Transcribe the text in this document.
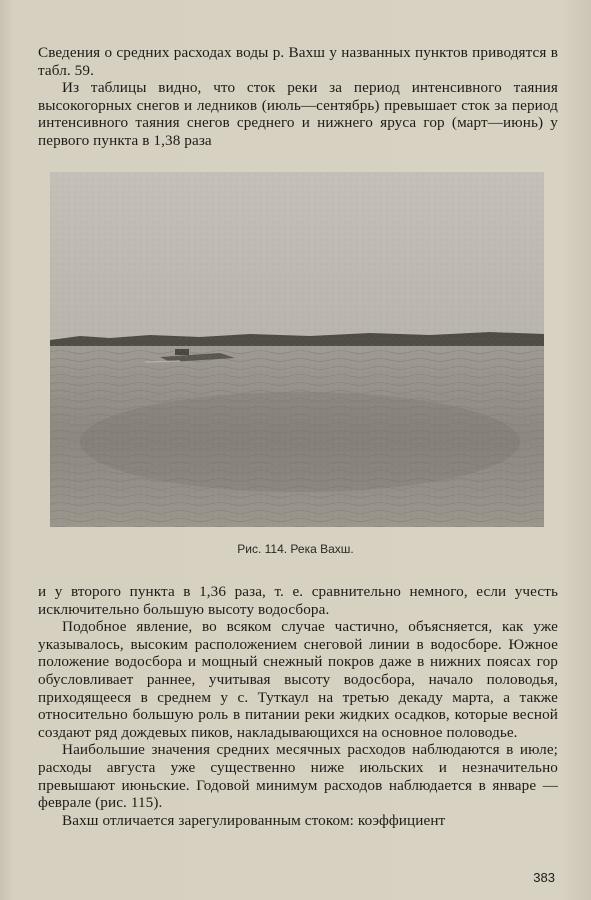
Сведения о средних расходах воды р. Вахш у названных пунктов приводятся в табл. 59.

Из таблицы видно, что сток реки за период интенсивного таяния высокогорных снегов и ледников (июль—сентябрь) превышает сток за период интенсивного таяния снегов среднего и нижнего яруса гор (март—июнь) у первого пункта в 1,38 раза

Рис. 114. Река Вахш.

и у второго пункта в 1,36 раза, т. е. сравнительно немного, если учесть исключительно большую высоту водосбора.

Подобное явление, во всяком случае частично, объясняется, как уже указывалось, высоким расположением снеговой линии в водосборе. Южное положение водосбора и мощный снежный покров даже в нижних поясах гор обусловливает раннее, учитывая высоту водосбора, начало половодья, приходящееся в среднем у с. Туткаул на третью декаду марта, а также относительно большую роль в питании реки жидких осадков, которые весной создают ряд дождевых пиков, накладывающихся на основное половодье.

Наибольшие значения средних месячных расходов наблюдаются в июле; расходы августа уже существенно ниже июльских и незначительно превышают июньские. Годовой минимум расходов наблюдается в январе — феврале (рис. 115).

Вахш отличается зарегулированным стоком: коэффициент

383
